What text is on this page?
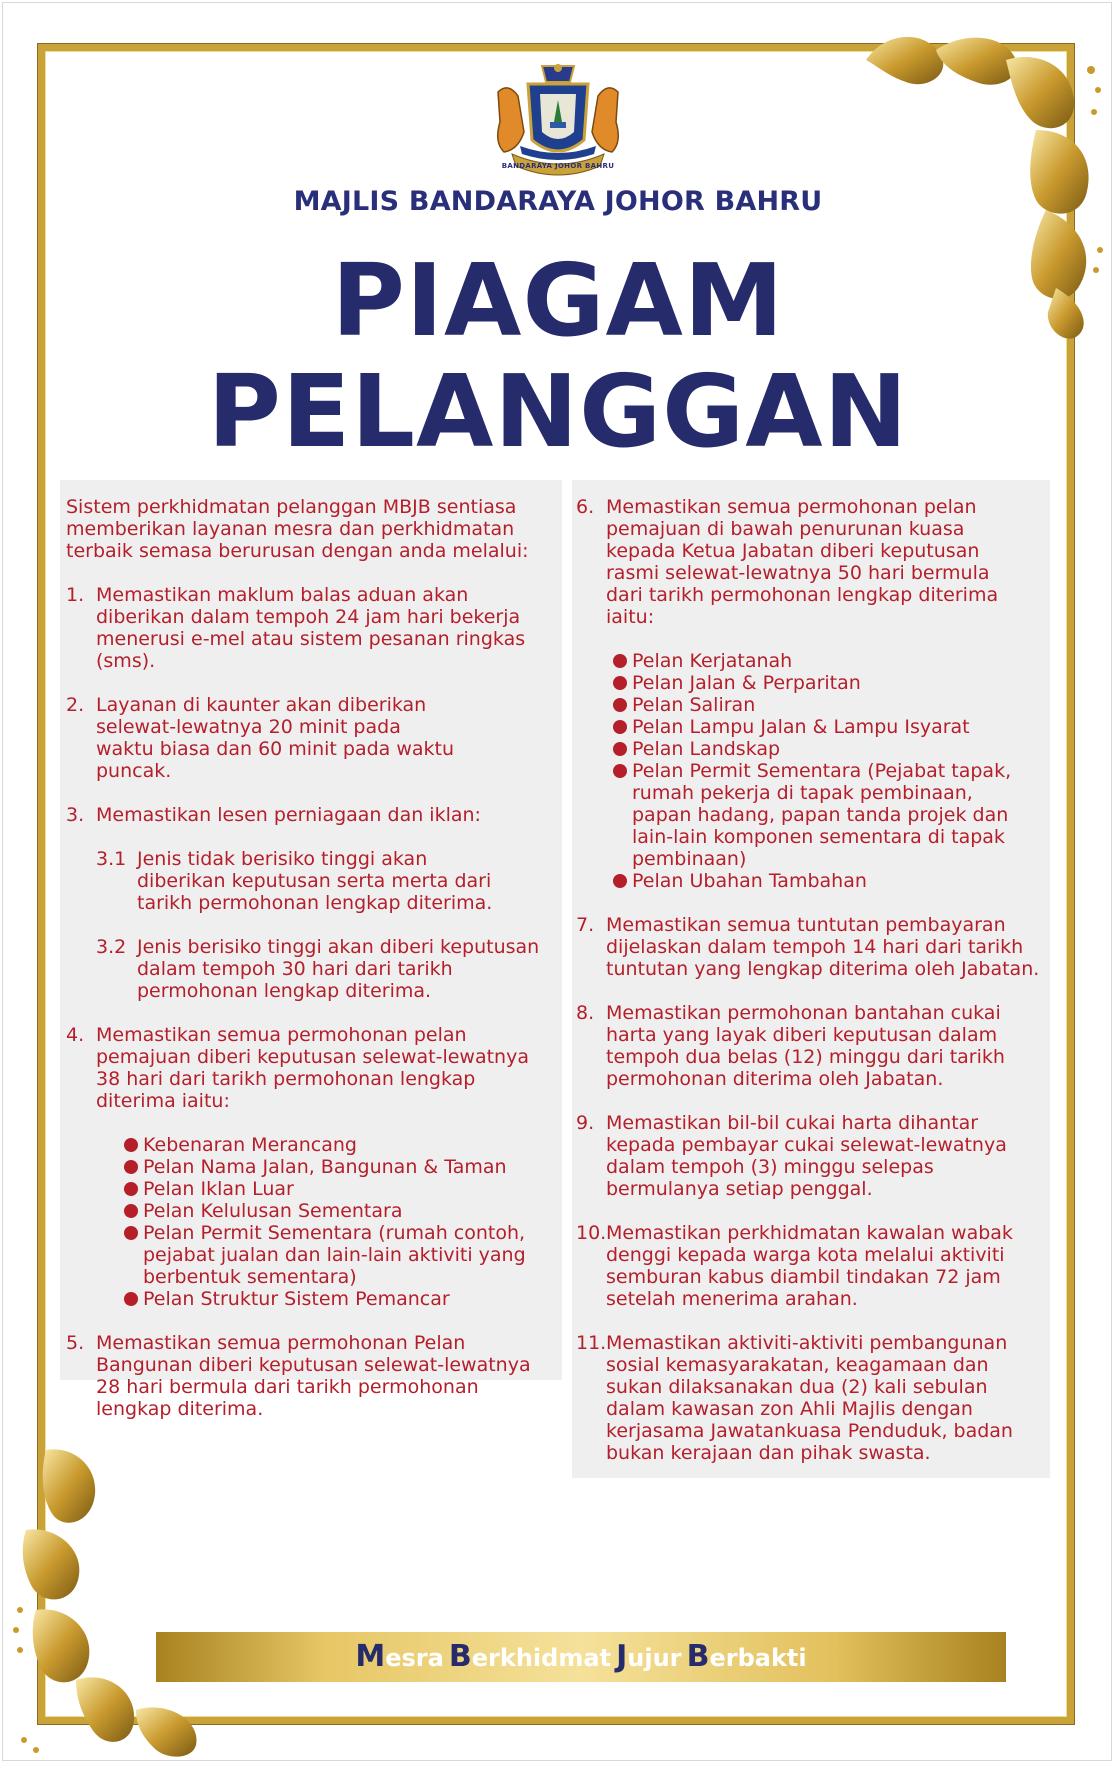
BANDARAYA JOHOR BAHRU
MAJLIS BANDARAYA JOHOR BAHRU
PIAGAM
PELANGGAN

Sistem perkhidmatan pelanggan MBJB sentiasa memberikan layanan mesra dan perkhidmatan terbaik semasa berurusan dengan anda melalui:

1. Memastikan maklum balas aduan akan diberikan dalam tempoh 24 jam hari bekerja menerusi e-mel atau sistem pesanan ringkas (sms).
2. Layanan di kaunter akan diberikan selewat-lewatnya 20 minit pada waktu biasa dan 60 minit pada waktu puncak.
3. Memastikan lesen perniagaan dan iklan:
3.1 Jenis tidak berisiko tinggi akan diberikan keputusan serta merta dari tarikh permohonan lengkap diterima.
3.2 Jenis berisiko tinggi akan diberi keputusan dalam tempoh 30 hari dari tarikh permohonan lengkap diterima.
4. Memastikan semua permohonan pelan pemajuan diberi keputusan selewat-lewatnya 38 hari dari tarikh permohonan lengkap diterima iaitu:
Kebenaran Merancang
Pelan Nama Jalan, Bangunan & Taman
Pelan Iklan Luar
Pelan Kelulusan Sementara
Pelan Permit Sementara (rumah contoh, pejabat jualan dan lain-lain aktiviti yang berbentuk sementara)
Pelan Struktur Sistem Pemancar
5. Memastikan semua permohonan Pelan Bangunan diberi keputusan selewat-lewatnya 28 hari bermula dari tarikh permohonan lengkap diterima.
6. Memastikan semua permohonan pelan pemajuan di bawah penurunan kuasa kepada Ketua Jabatan diberi keputusan rasmi selewat-lewatnya 50 hari bermula dari tarikh permohonan lengkap diterima iaitu:
Pelan Kerjatanah
Pelan Jalan & Perparitan
Pelan Saliran
Pelan Lampu Jalan & Lampu Isyarat
Pelan Landskap
Pelan Permit Sementara (Pejabat tapak, rumah pekerja di tapak pembinaan, papan hadang, papan tanda projek dan lain-lain komponen sementara di tapak pembinaan)
Pelan Ubahan Tambahan
7. Memastikan semua tuntutan pembayaran dijelaskan dalam tempoh 14 hari dari tarikh tuntutan yang lengkap diterima oleh Jabatan.
8. Memastikan permohonan bantahan cukai harta yang layak diberi keputusan dalam tempoh dua belas (12) minggu dari tarikh permohonan diterima oleh Jabatan.
9. Memastikan bil-bil cukai harta dihantar kepada pembayar cukai selewat-lewatnya dalam tempoh (3) minggu selepas bermulanya setiap penggal.
10. Memastikan perkhidmatan kawalan wabak denggi kepada warga kota melalui aktiviti semburan kabus diambil tindakan 72 jam setelah menerima arahan.
11. Memastikan aktiviti-aktiviti pembangunan sosial kemasyarakatan, keagamaan dan sukan dilaksanakan dua (2) kali sebulan dalam kawasan zon Ahli Majlis dengan kerjasama Jawatankuasa Penduduk, badan bukan kerajaan dan pihak swasta.
Mesra Berkhidmat Jujur Berbakti
